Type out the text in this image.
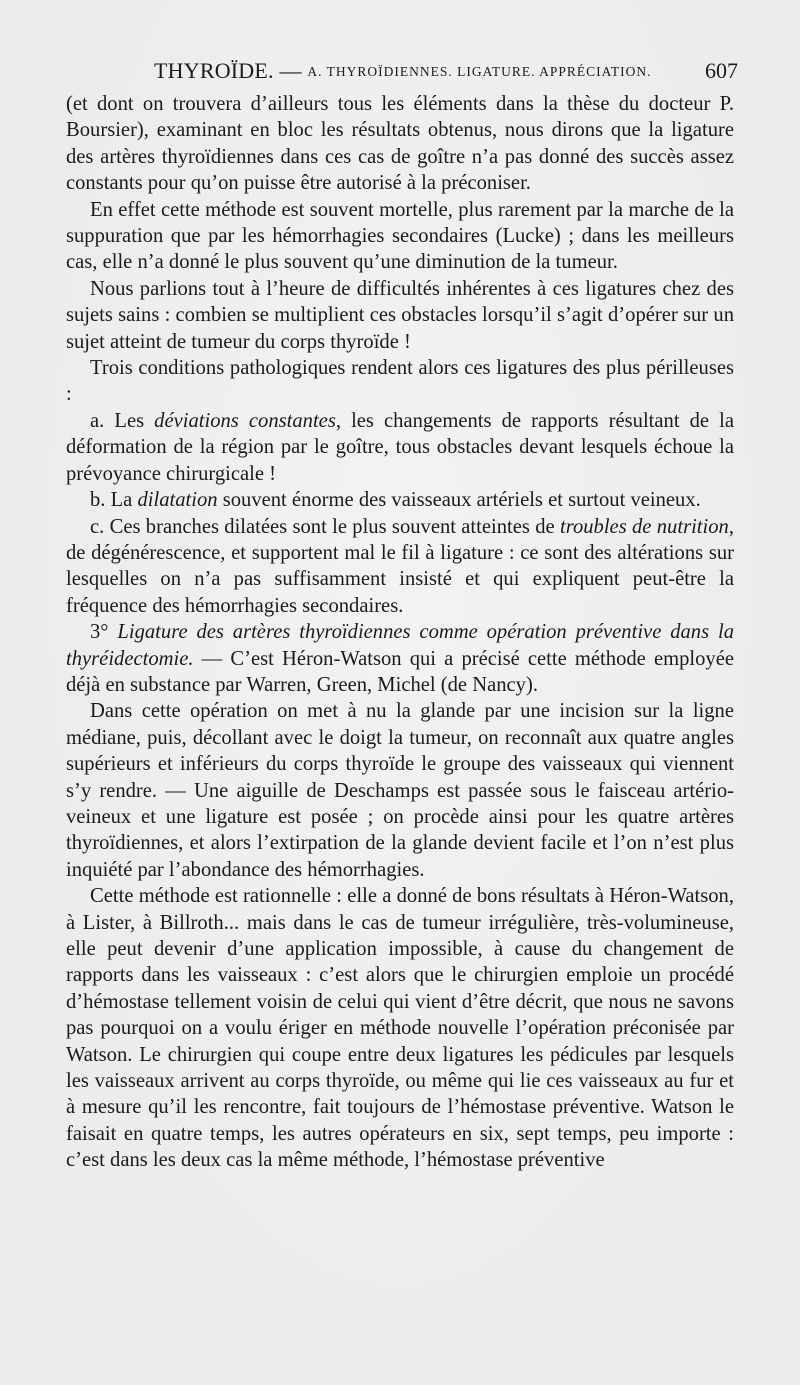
THYROÏDE. — A. THYROÏDIENNES. LIGATURE. APPRÉCIATION. 607

(et dont on trouvera d’ailleurs tous les éléments dans la thèse du docteur P. Boursier), examinant en bloc les résultats obtenus, nous dirons que la ligature des artères thyroïdiennes dans ces cas de goître n’a pas donné des succès assez constants pour qu’on puisse être autorisé à la préconiser.

En effet cette méthode est souvent mortelle, plus rarement par la marche de la suppuration que par les hémorrhagies secondaires (Lucke) ; dans les meilleurs cas, elle n’a donné le plus souvent qu’une diminution de la tumeur.

Nous parlions tout à l’heure de difficultés inhérentes à ces ligatures chez des sujets sains : combien se multiplient ces obstacles lorsqu’il s’agit d’opérer sur un sujet atteint de tumeur du corps thyroïde !

Trois conditions pathologiques rendent alors ces ligatures des plus périlleuses :

a. Les déviations constantes, les changements de rapports résultant de la déformation de la région par le goître, tous obstacles devant lesquels échoue la prévoyance chirurgicale !

b. La dilatation souvent énorme des vaisseaux artériels et surtout veineux.

c. Ces branches dilatées sont le plus souvent atteintes de troubles de nutrition, de dégénérescence, et supportent mal le fil à ligature : ce sont des altérations sur lesquelles on n’a pas suffisamment insisté et qui expliquent peut-être la fréquence des hémorrhagies secondaires.

3° Ligature des artères thyroïdiennes comme opération préventive dans la thyréidectomie. — C’est Héron-Watson qui a précisé cette méthode employée déjà en substance par Warren, Green, Michel (de Nancy).

Dans cette opération on met à nu la glande par une incision sur la ligne médiane, puis, décollant avec le doigt la tumeur, on reconnaît aux quatre angles supérieurs et inférieurs du corps thyroïde le groupe des vaisseaux qui viennent s’y rendre. — Une aiguille de Deschamps est passée sous le faisceau artério-veineux et une ligature est posée ; on procède ainsi pour les quatre artères thyroïdiennes, et alors l’extirpation de la glande devient facile et l’on n’est plus inquiété par l’abondance des hémorrhagies.

Cette méthode est rationnelle : elle a donné de bons résultats à Héron-Watson, à Lister, à Billroth... mais dans le cas de tumeur irrégulière, très-volumineuse, elle peut devenir d’une application impossible, à cause du changement de rapports dans les vaisseaux : c’est alors que le chirurgien emploie un procédé d’hémostase tellement voisin de celui qui vient d’être décrit, que nous ne savons pas pourquoi on a voulu ériger en méthode nouvelle l’opération préconisée par Watson. Le chirurgien qui coupe entre deux ligatures les pédicules par lesquels les vaisseaux arrivent au corps thyroïde, ou même qui lie ces vaisseaux au fur et à mesure qu’il les rencontre, fait toujours de l’hémostase préventive. Watson le faisait en quatre temps, les autres opérateurs en six, sept temps, peu importe : c’est dans les deux cas la même méthode, l’hémostase préventive
